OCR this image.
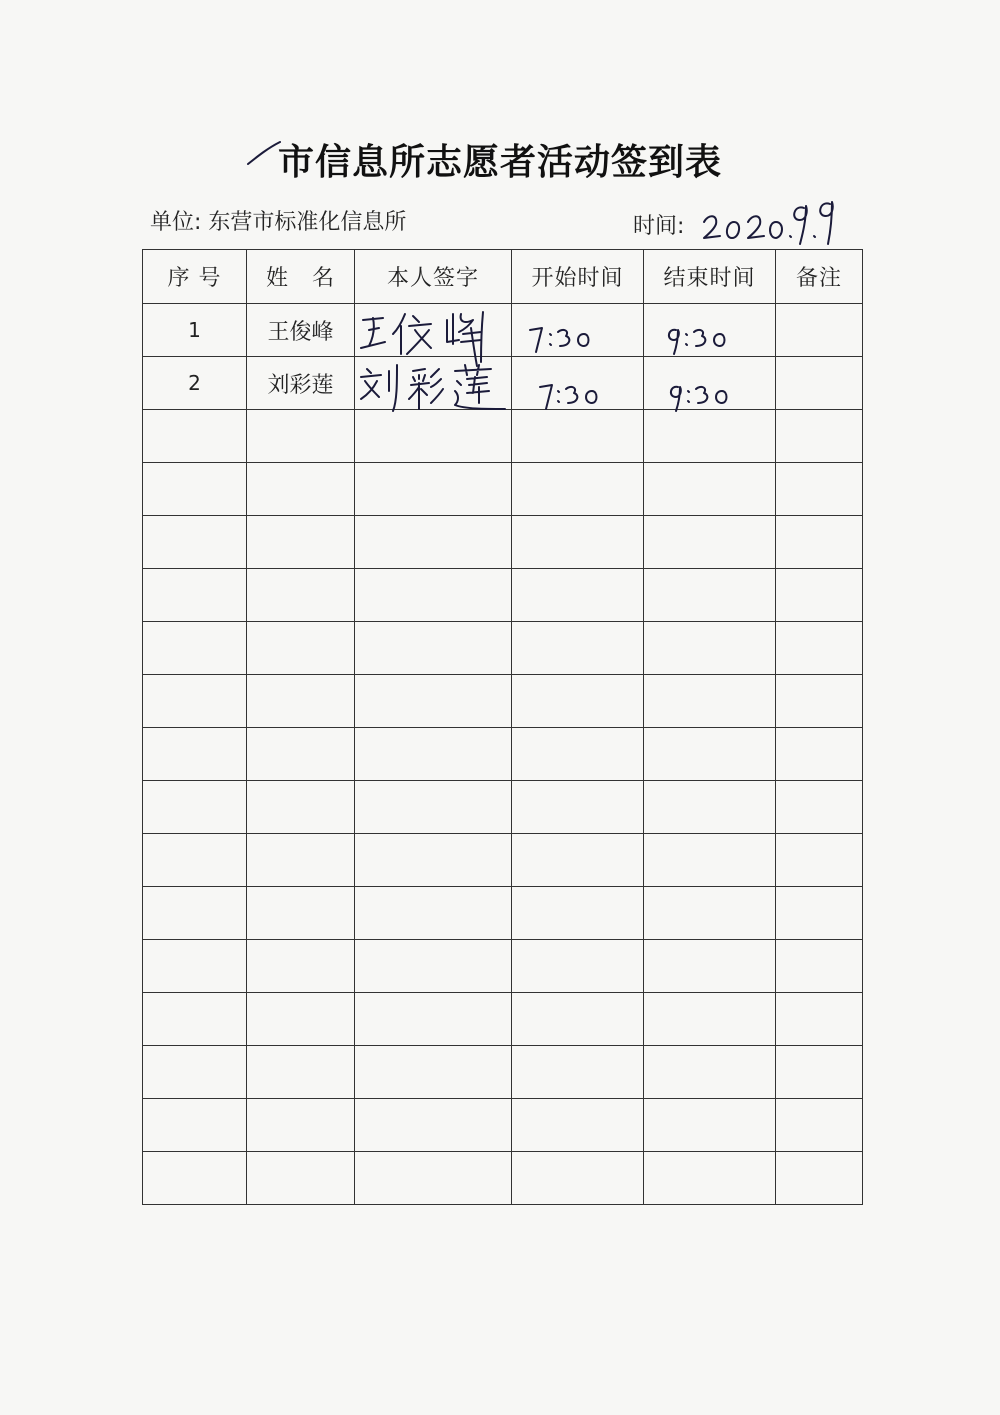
市信息所志愿者活动签到表
单位: 东营市标准化信息所	时间:
序 号	姓　名	本人签字	开始时间	结束时间	备注
1	王俊峰	

2	刘彩莲	
